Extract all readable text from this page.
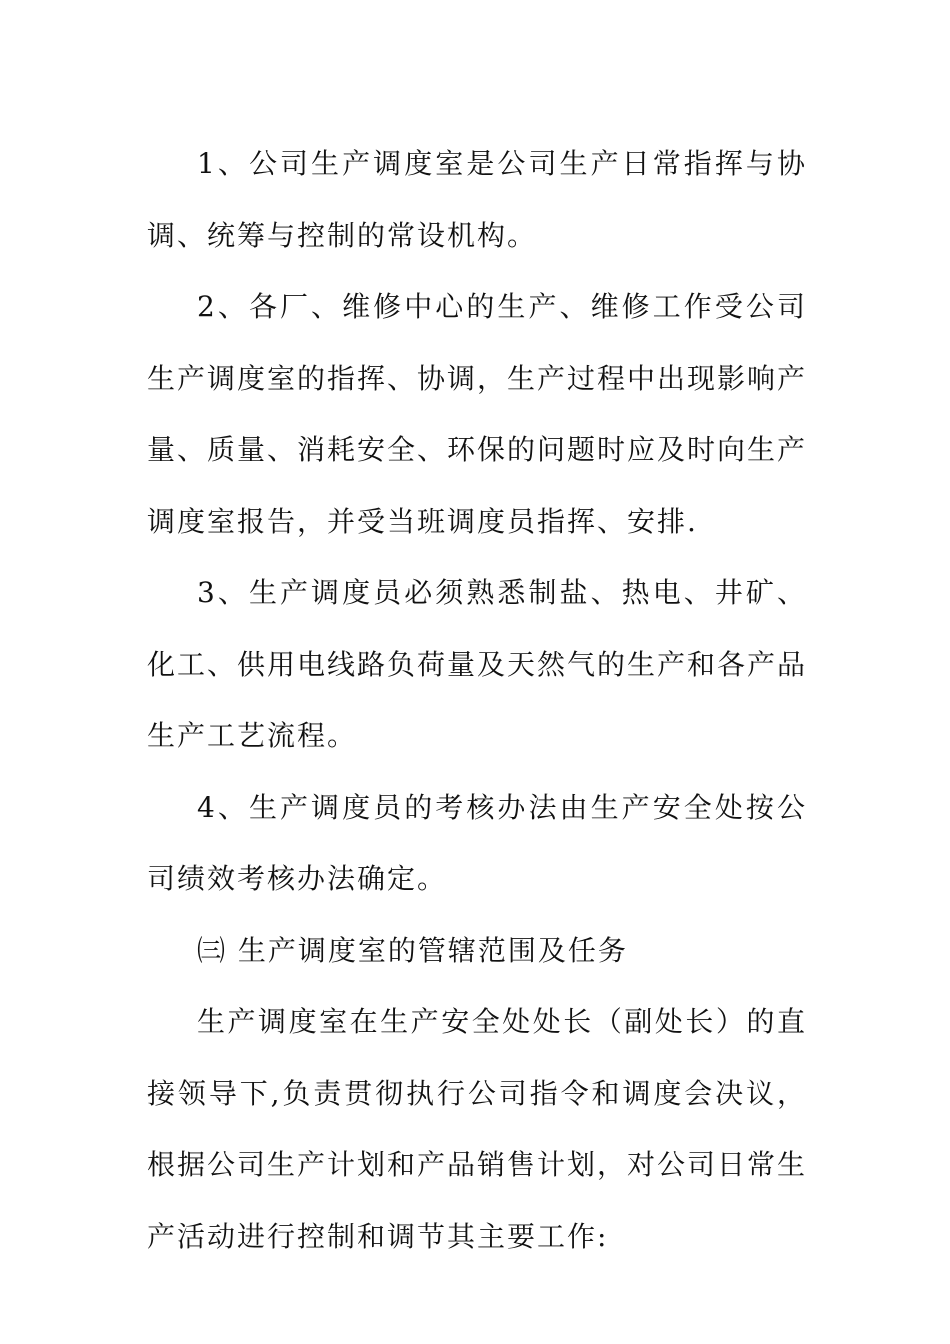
1、公司生产调度室是公司生产日常指挥与协调、统筹与控制的常设机构。

2、各厂、维修中心的生产、维修工作受公司生产调度室的指挥、协调，生产过程中出现影响产量、质量、消耗安全、环保的问题时应及时向生产调度室报告，并受当班调度员指挥、安排.

3、生产调度员必须熟悉制盐、热电、井矿、化工、供用电线路负荷量及天然气的生产和各产品生产工艺流程。

4、生产调度员的考核办法由生产安全处按公司绩效考核办法确定。

㈢ 生产调度室的管辖范围及任务

生产调度室在生产安全处处长（副处长）的直接领导下,负责贯彻执行公司指令和调度会决议，根据公司生产计划和产品销售计划，对公司日常生产活动进行控制和调节其主要工作:
